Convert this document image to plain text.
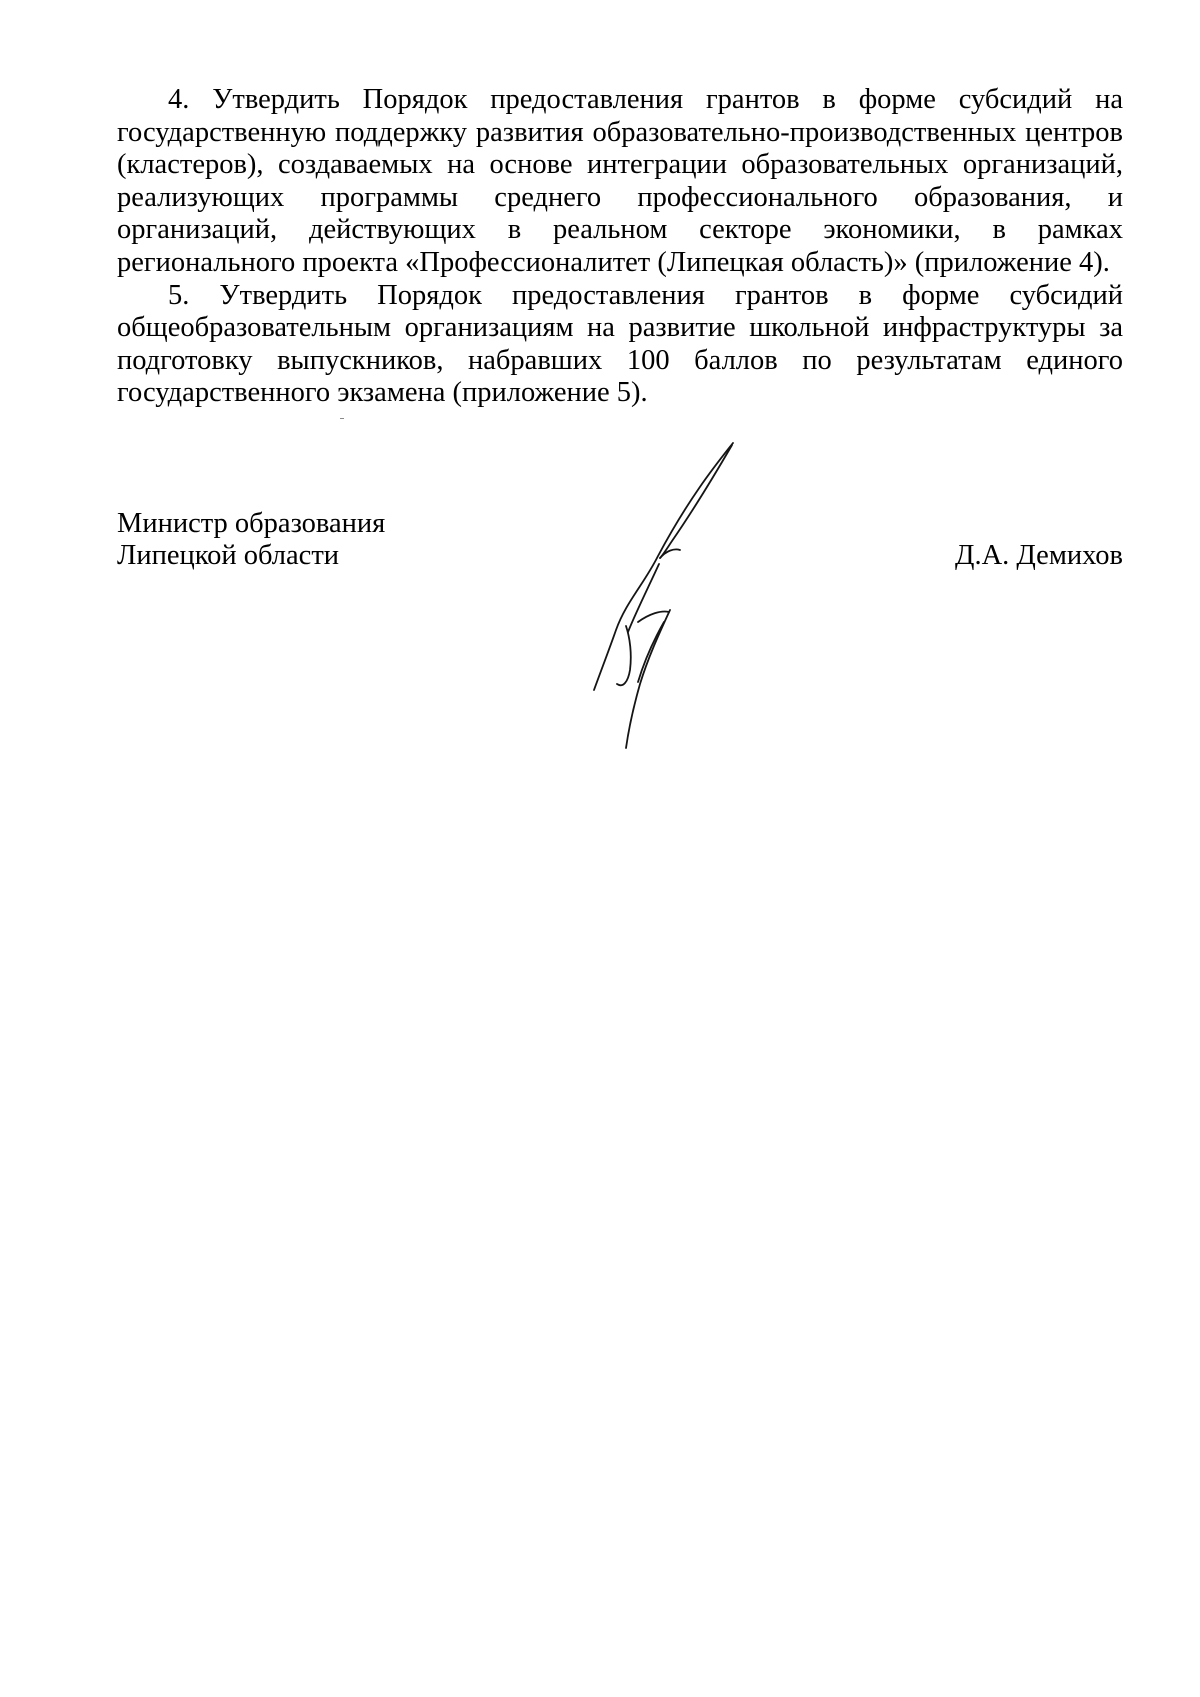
4. Утвердить Порядок предоставления грантов в форме субсидий на государственную поддержку развития образовательно-производственных центров (кластеров), создаваемых на основе интеграции образовательных организаций, реализующих программы среднего профессионального образования, и организаций, действующих в реальном секторе экономики, в рамках регионального проекта «Профессионалитет (Липецкая область)» (приложение 4).

5. Утвердить Порядок предоставления грантов в форме субсидий общеобразовательным организациям на развитие школьной инфраструктуры за подготовку выпускников, набравших 100 баллов по результатам единого государственного экзамена (приложение 5).

Министр образования
Липецкой области	Д.А. Демихов
